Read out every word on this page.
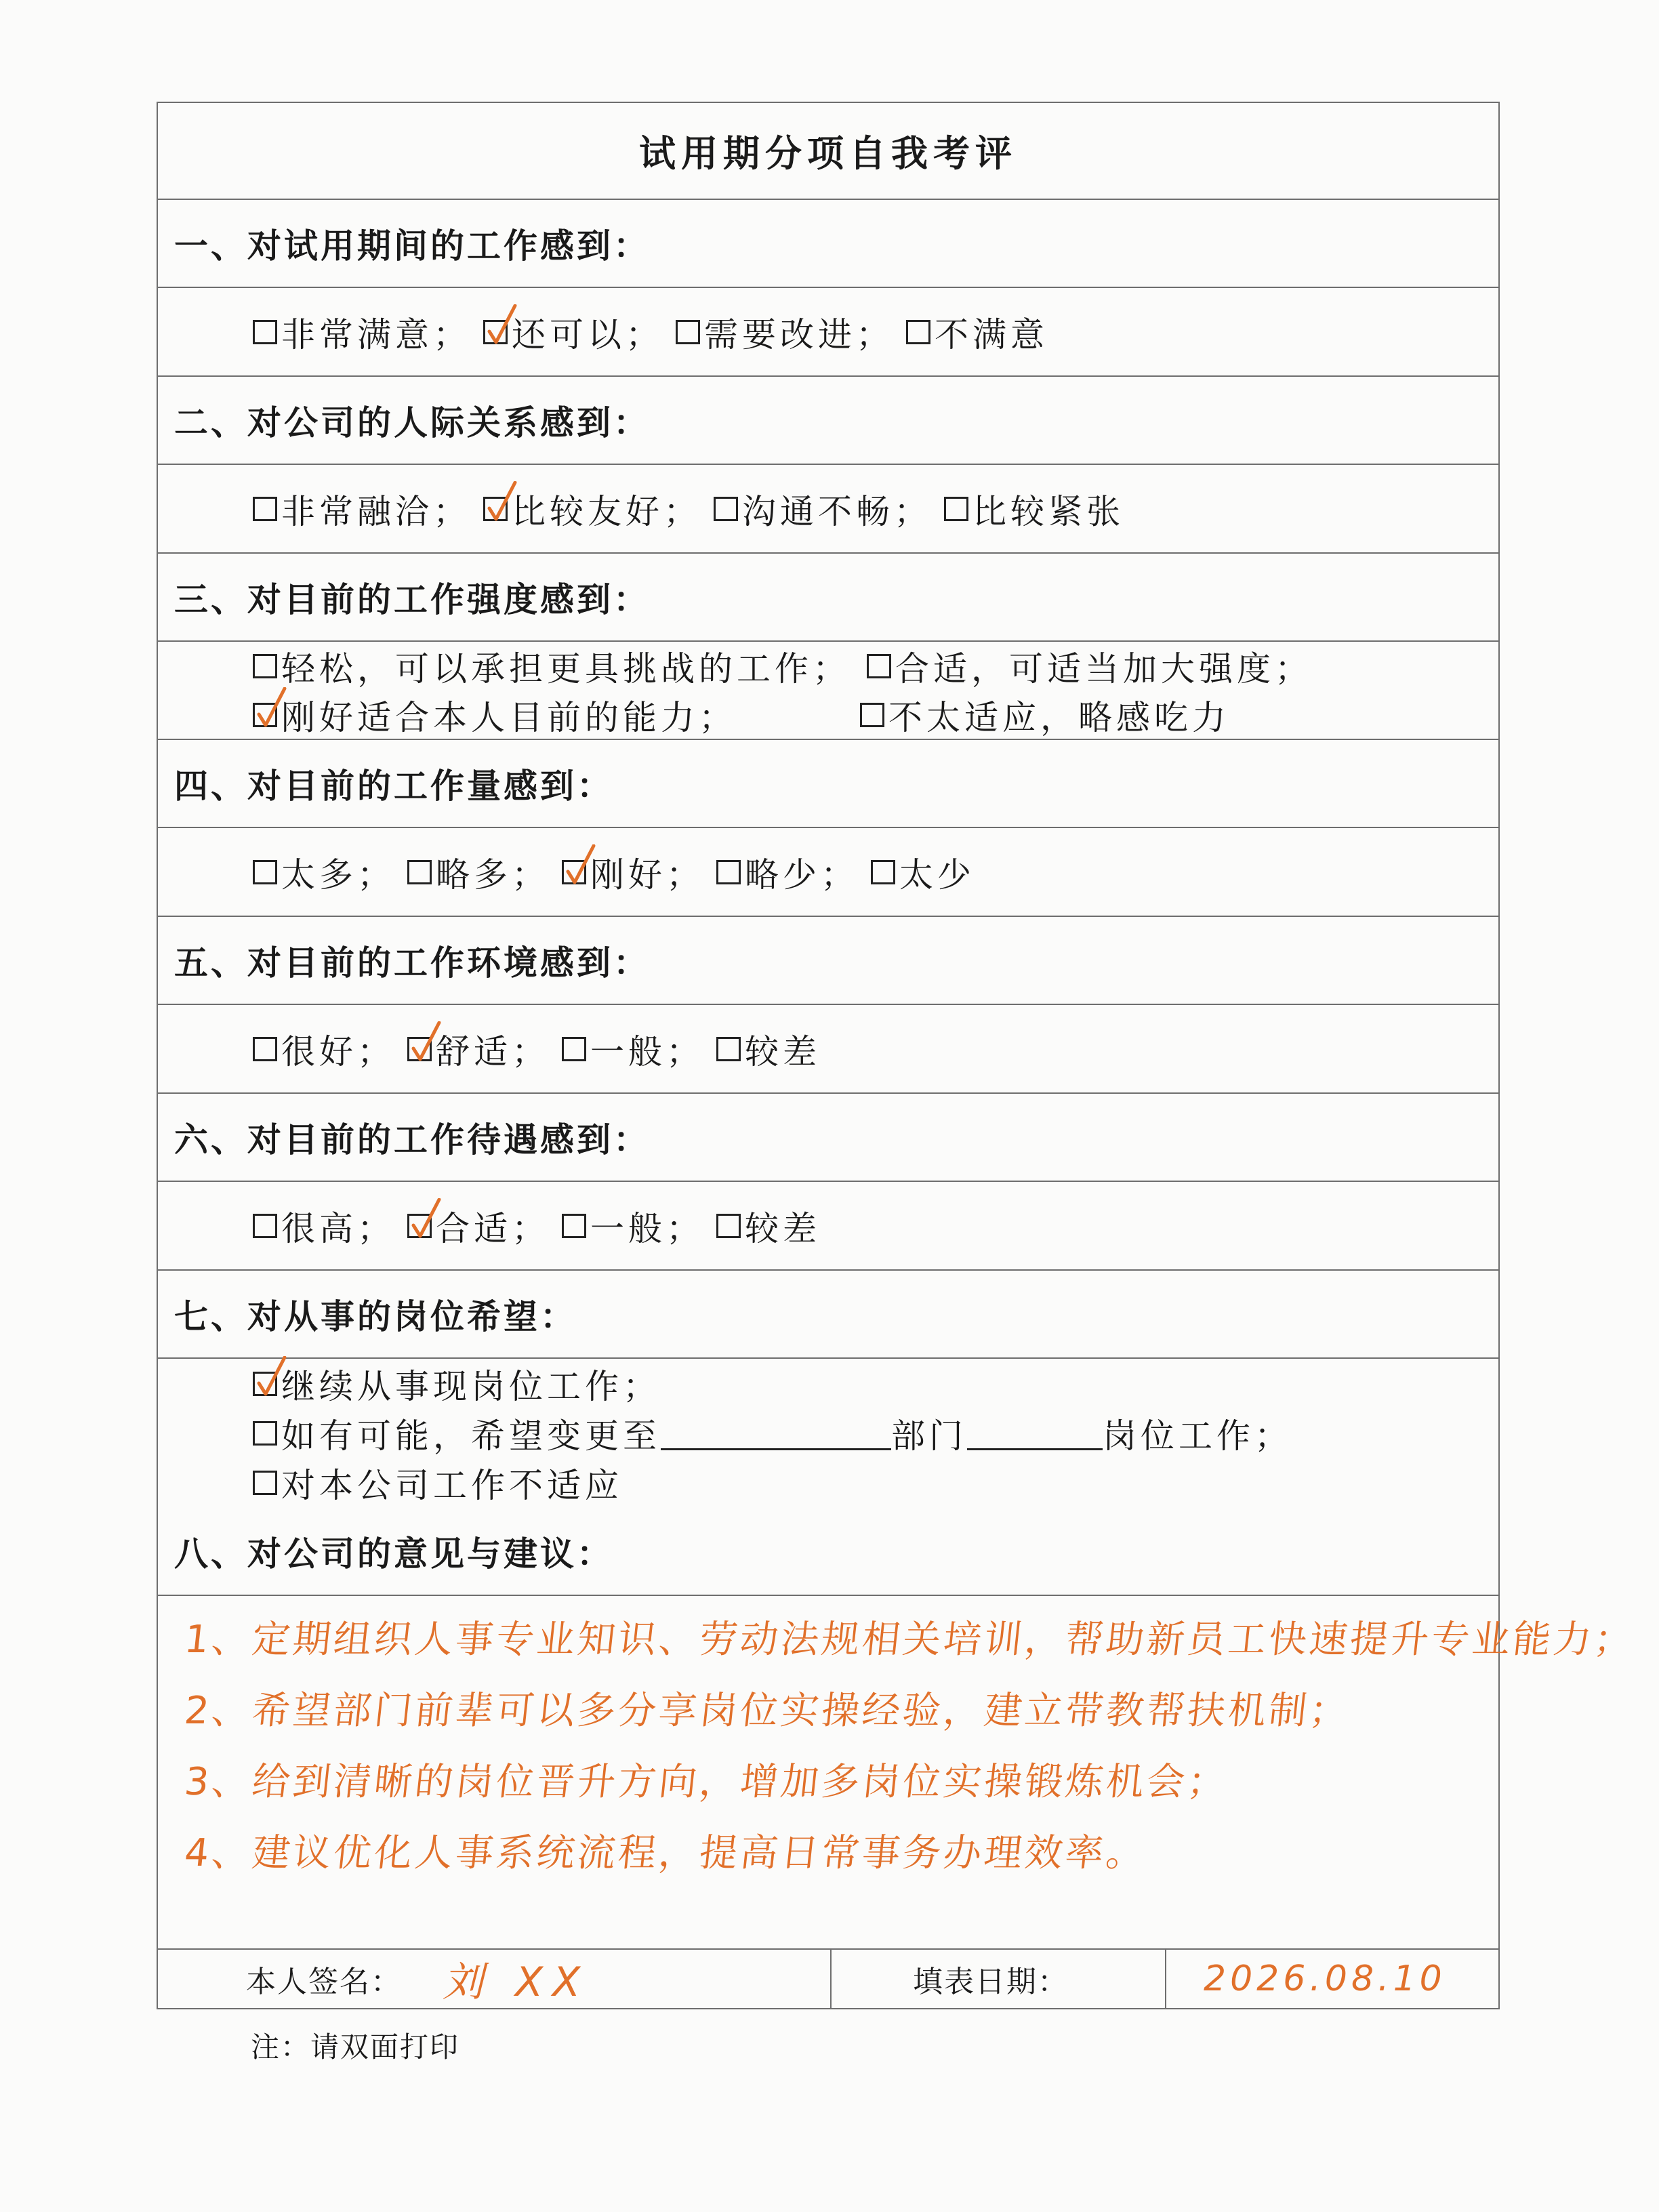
试用期分项自我考评
一、对试用期间的工作感到：
非常满意； 还可以； 需要改进； 不满意
二、对公司的人际关系感到：
非常融洽； 比较友好； 沟通不畅； 比较紧张
三、对目前的工作强度感到：
轻松，可以承担更具挑战的工作； 合适，可适当加大强度；
刚好适合本人目前的能力；	不太适应，略感吃力
四、对目前的工作量感到：
太多； 略多； 刚好； 略少； 太少
五、对目前的工作环境感到：
很好； 舒适； 一般； 较差
六、对目前的工作待遇感到：
很高； 合适； 一般； 较差
七、对从事的岗位希望：
继续从事现岗位工作；
如有可能，希望变更至	部门	岗位工作；
对本公司工作不适应
八、对公司的意见与建议：
1、定期组织人事专业知识、劳动法规相关培训，帮助新员工快速提升专业能力；
2、希望部门前辈可以多分享岗位实操经验，建立带教帮扶机制；
3、给到清晰的岗位晋升方向，增加多岗位实操锻炼机会；
4、建议优化人事系统流程，提高日常事务办理效率。
本人签名： 刘 XX	填表日期：	2026.08.10
注：请双面打印
